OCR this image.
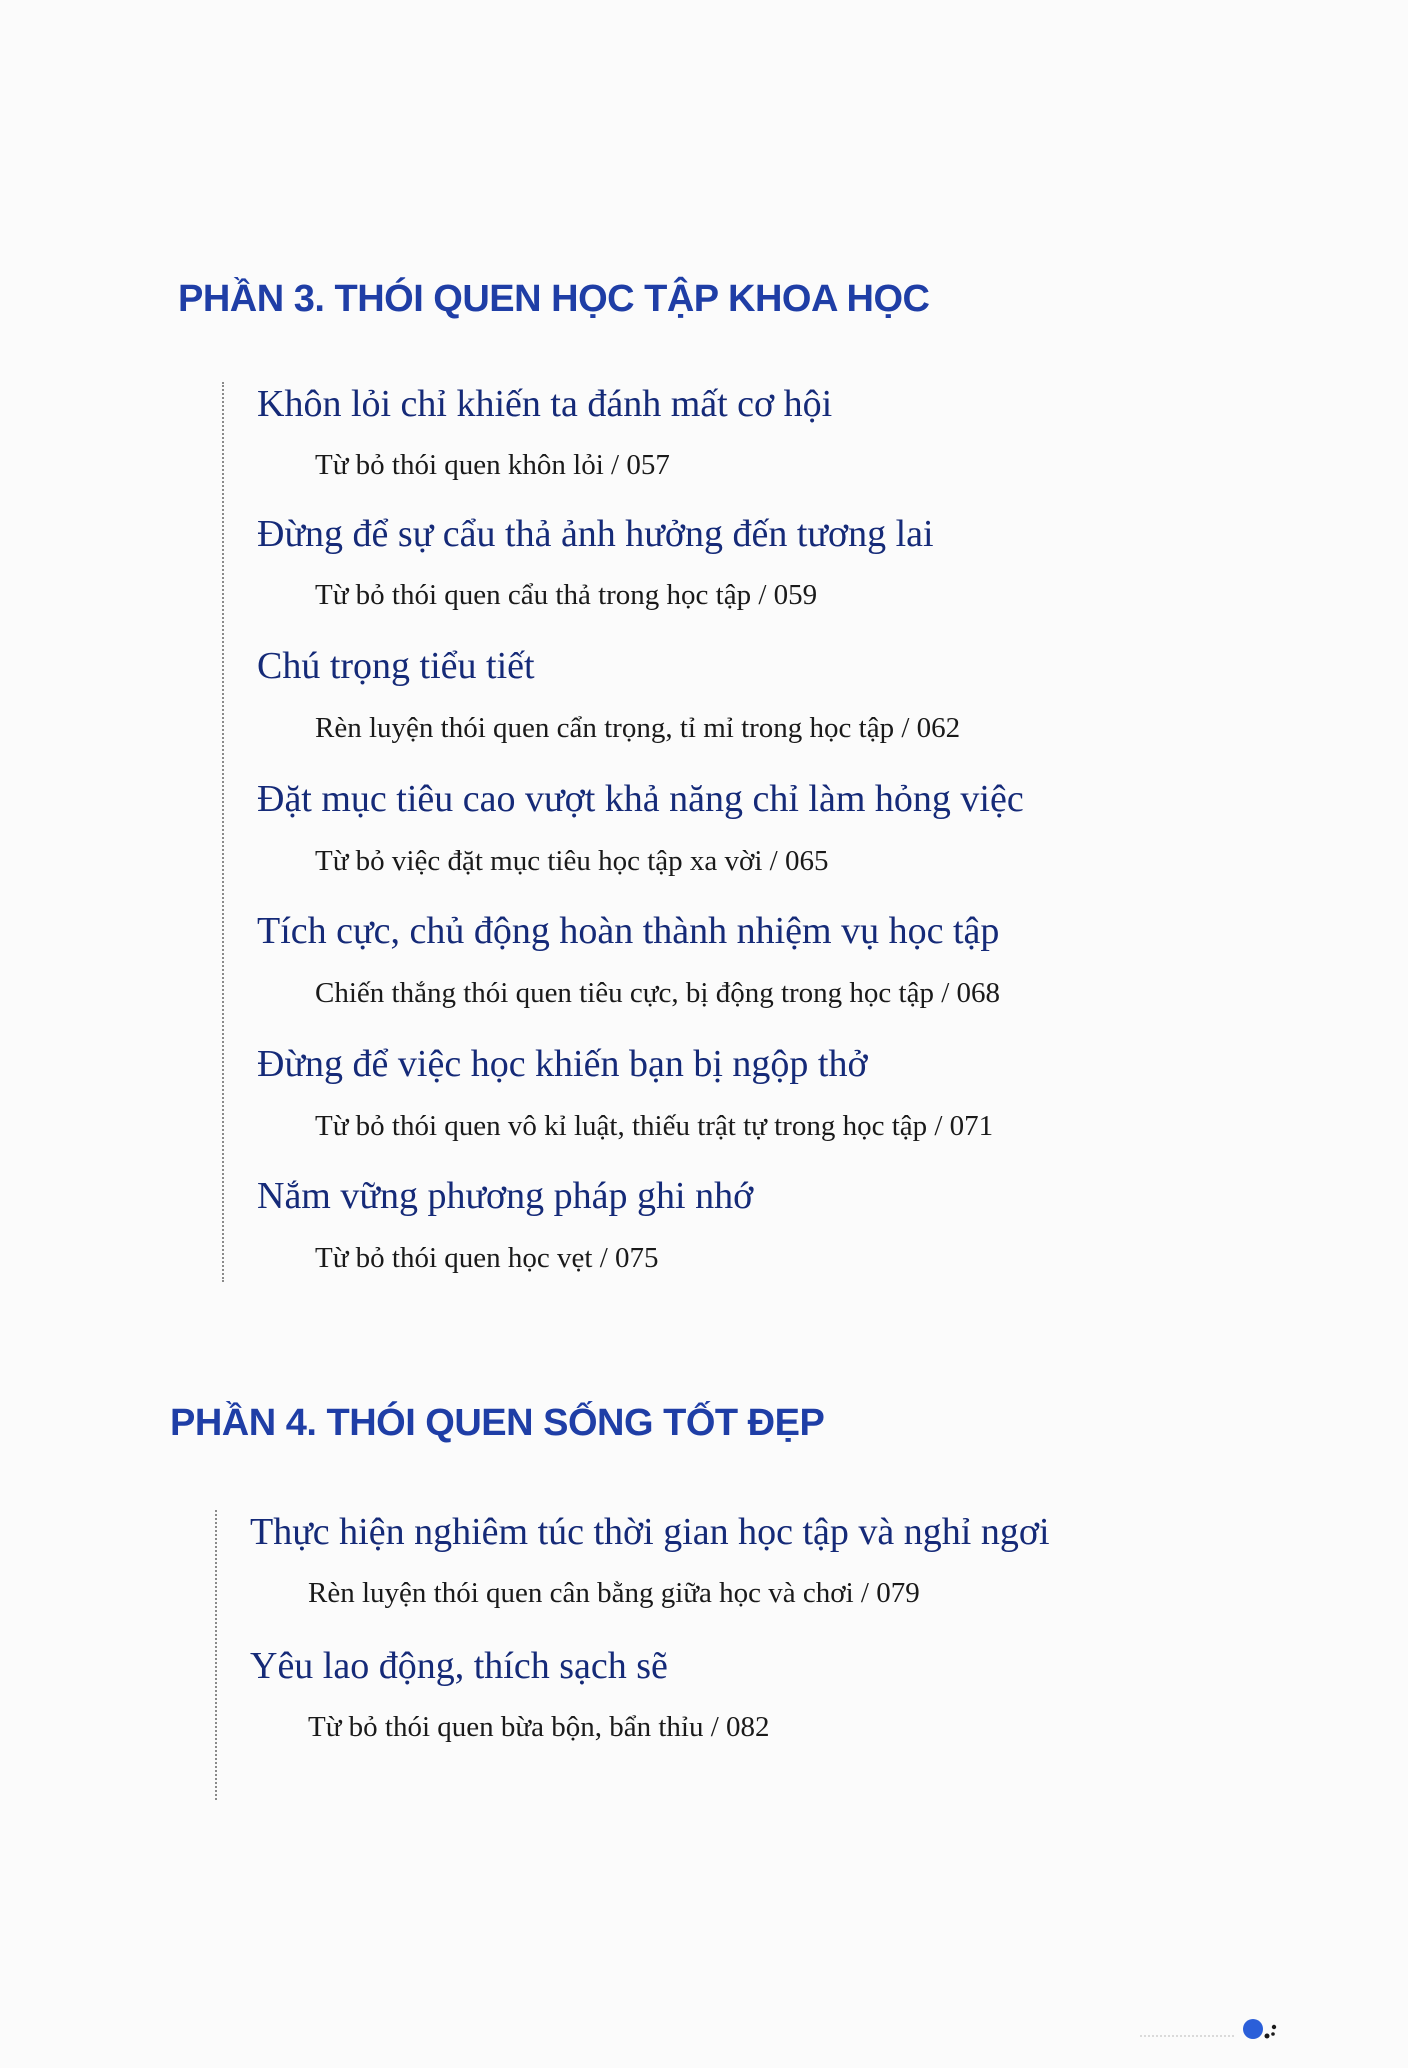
PHẦN 3. THÓI QUEN HỌC TẬP KHOA HỌC
Khôn lỏi chỉ khiến ta đánh mất cơ hội
Từ bỏ thói quen khôn lỏi / 057
Đừng để sự cẩu thả ảnh hưởng đến tương lai
Từ bỏ thói quen cẩu thả trong học tập / 059
Chú trọng tiểu tiết
Rèn luyện thói quen cẩn trọng, tỉ mỉ trong học tập / 062
Đặt mục tiêu cao vượt khả năng chỉ làm hỏng việc
Từ bỏ việc đặt mục tiêu học tập xa vời / 065
Tích cực, chủ động hoàn thành nhiệm vụ học tập
Chiến thắng thói quen tiêu cực, bị động trong học tập / 068
Đừng để việc học khiến bạn bị ngộp thở
Từ bỏ thói quen vô kỉ luật, thiếu trật tự trong học tập / 071
Nắm vững phương pháp ghi nhớ
Từ bỏ thói quen học vẹt / 075
PHẦN 4. THÓI QUEN SỐNG TỐT ĐẸP
Thực hiện nghiêm túc thời gian học tập và nghỉ ngơi
Rèn luyện thói quen cân bằng giữa học và chơi / 079
Yêu lao động, thích sạch sẽ
Từ bỏ thói quen bừa bộn, bẩn thỉu / 082
